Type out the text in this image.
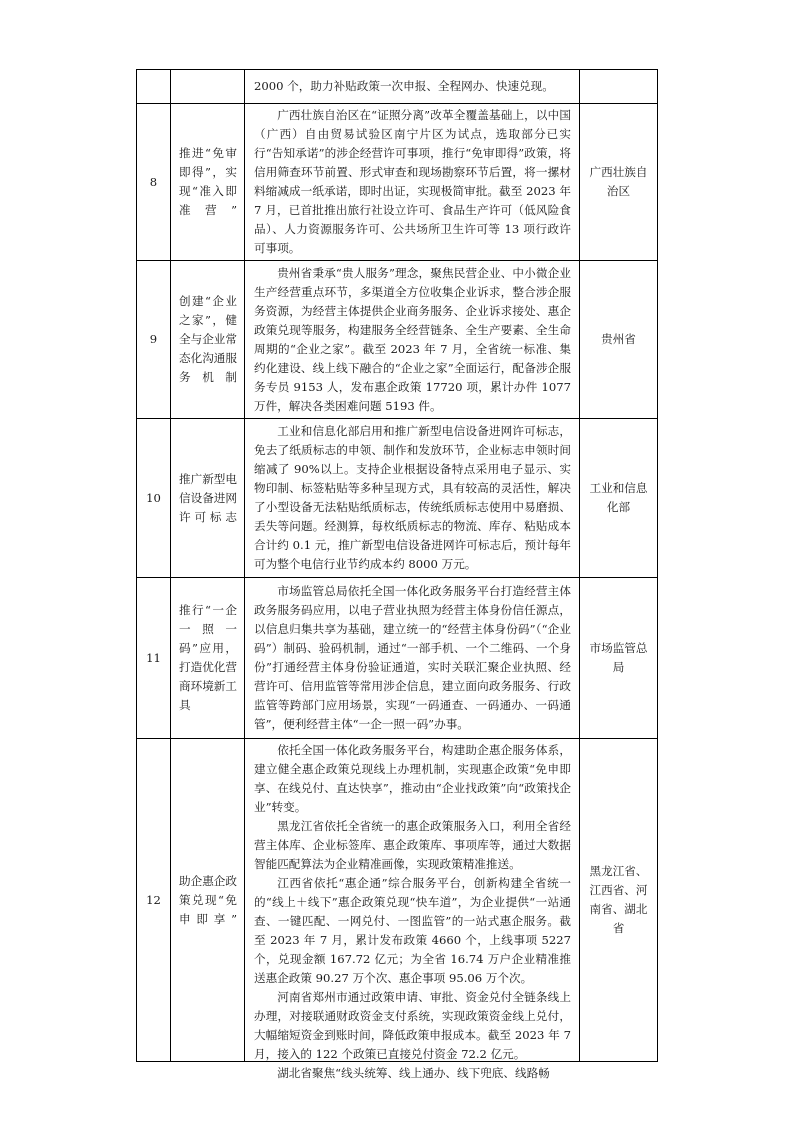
		2000 个，助力补贴政策一次申报、全程网办、快速兑现。	

8	推进“免审即得”，实现“准入即准营”	广西壮族自治区在“证照分离”改革全覆盖基础上，以中国（广西）自由贸易试验区南宁片区为试点，选取部分已实行“告知承诺”的涉企经营许可事项，推行“免审即得”政策，将信用筛查环节前置、形式审查和现场勘察环节后置，将一摞材料缩减成一纸承诺，即时出证，实现极简审批。截至 2023 年 7 月，已首批推出旅行社设立许可、食品生产许可（低风险食品）、人力资源服务许可、公共场所卫生许可等 13 项行政许可事项。	广西壮族自治区

9	创建“企业之家”，健全与企业常态化沟通服务机制	贵州省秉承“贵人服务”理念，聚焦民营企业、中小微企业生产经营重点环节，多渠道全方位收集企业诉求，整合涉企服务资源，为经营主体提供企业商务服务、企业诉求接处、惠企政策兑现等服务，构建服务全经营链条、全生产要素、全生命周期的“企业之家”。截至 2023 年 7 月，全省统一标准、集约化建设、线上线下融合的“企业之家”全面运行，配备涉企服务专员 9153 人，发布惠企政策 17720 项，累计办件 1077 万件，解决各类困难问题 5193 件。	贵州省
10	推广新型电信设备进网许可标志	工业和信息化部启用和推广新型电信设备进网许可标志，免去了纸质标志的申领、制作和发放环节，企业标志申领时间缩减了 90%以上。支持企业根据设备特点采用电子显示、实物印制、标签粘贴等多种呈现方式，具有较高的灵活性，解决了小型设备无法粘贴纸质标志，传统纸质标志使用中易磨损、丢失等问题。经测算，每枚纸质标志的物流、库存、粘贴成本合计约 0.1 元，推广新型电信设备进网许可标志后，预计每年可为整个电信行业节约成本约 8000 万元。	工业和信息化部
11	推行“一企一照一码”应用，打造优化营商环境新工具	市场监管总局依托全国一体化政务服务平台打造经营主体政务服务码应用，以电子营业执照为经营主体身份信任源点，以信息归集共享为基础，建立统一的“经营主体身份码”（“企业码”）制码、验码机制，通过“一部手机、一个二维码、一个身份”打通经营主体身份验证通道，实时关联汇聚企业执照、经营许可、信用监管等常用涉企信息，建立面向政务服务、行政监管等跨部门应用场景，实现“一码通查、一码通办、一码通管”，便利经营主体“一企一照一码”办事。	市场监管总局
12	助企惠企政策兑现“免申即享”	依托全国一体化政务服务平台，构建助企惠企服务体系，建立健全惠企政策兑现线上办理机制，实现惠企政策“免申即享、在线兑付、直达快享”，推动由“企业找政策”向“政策找企业”转变。

黑龙江省依托全省统一的惠企政策服务入口，利用全省经营主体库、企业标签库、惠企政策库、事项库等，通过大数据智能匹配算法为企业精准画像，实现政策精准推送。

江西省依托“惠企通”综合服务平台，创新构建全省统一的“线上＋线下”惠企政策兑现“快车道”，为企业提供“一站通查、一键匹配、一网兑付、一图监管”的一站式惠企服务。截至 2023 年 7 月，累计发布政策 4660 个，上线事项 5227 个，兑现金额 167.72 亿元；为全省 16.74 万户企业精准推送惠企政策 90.27 万个次、惠企事项 95.06 万个次。

河南省郑州市通过政策申请、审批、资金兑付全链条线上办理，对接联通财政资金支付系统，实现政策资金线上兑付，大幅缩短资金到账时间，降低政策申报成本。截至 2023 年 7 月，接入的 122 个政策已直接兑付资金 72.2 亿元。

湖北省聚焦“线头统筹、线上通办、线下兜底、线路畅	黑龙江省、江西省、河南省、湖北省
